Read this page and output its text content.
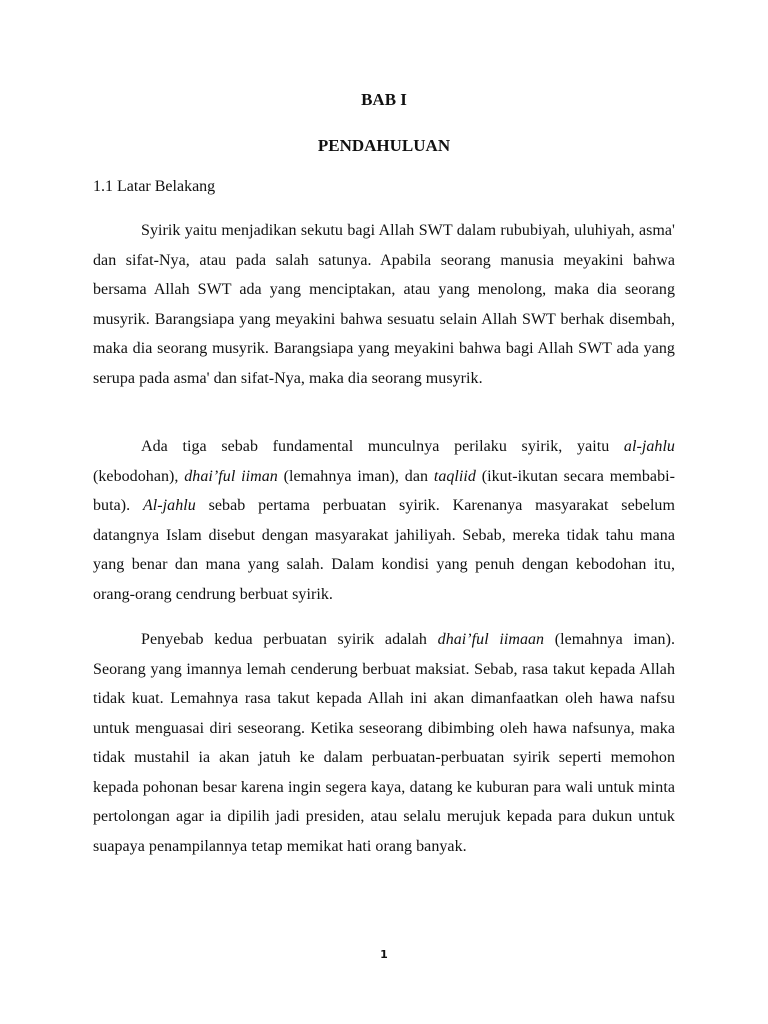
BAB I
PENDAHULUAN
1.1 Latar Belakang

Syirik yaitu menjadikan sekutu bagi Allah SWT dalam rububiyah, uluhiyah, asma' dan sifat-Nya, atau pada salah satunya. Apabila seorang manusia meyakini bahwa bersama Allah SWT ada yang menciptakan, atau yang menolong, maka dia seorang musyrik. Barangsiapa yang meyakini bahwa sesuatu selain Allah SWT berhak disembah, maka dia seorang musyrik. Barangsiapa yang meyakini bahwa bagi Allah SWT ada yang serupa pada asma' dan sifat-Nya, maka dia seorang musyrik.

Ada tiga sebab fundamental munculnya perilaku syirik, yaitu al-jahlu (kebodohan), dhai’ful iiman (lemahnya iman), dan taqliid (ikut-ikutan secara membabi-buta). Al-jahlu sebab pertama perbuatan syirik. Karenanya masyarakat sebelum datangnya Islam disebut dengan masyarakat jahiliyah. Sebab, mereka tidak tahu mana yang benar dan mana yang salah. Dalam kondisi yang penuh dengan kebodohan itu, orang-orang cendrung berbuat syirik.

Penyebab kedua perbuatan syirik adalah dhai’ful iimaan (lemahnya iman). Seorang yang imannya lemah cenderung berbuat maksiat. Sebab, rasa takut kepada Allah tidak kuat. Lemahnya rasa takut kepada Allah ini akan dimanfaatkan oleh hawa nafsu untuk menguasai diri seseorang. Ketika seseorang dibimbing oleh hawa nafsunya, maka tidak mustahil ia akan jatuh ke dalam perbuatan-perbuatan syirik seperti memohon kepada pohonan besar karena ingin segera kaya, datang ke kuburan para wali untuk minta pertolongan agar ia dipilih jadi presiden, atau selalu merujuk kepada para dukun untuk suapaya penampilannya tetap memikat hati orang banyak.

1
